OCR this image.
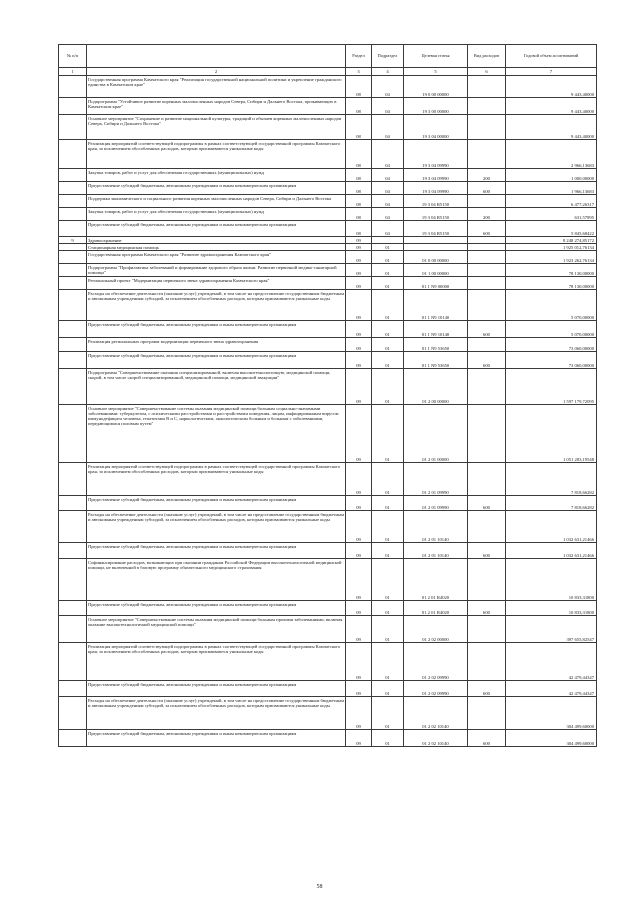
№ п/п		Раздел	Подраздел	Целевая статья	Вид расходов	Годовой объем ассигнований
1	2	3	4	5	6	7
	Государственная программа Камчатского края "Реализация государственной национальной политики и укрепление гражданского единства в Камчатском крае"	08	04	19 0 00 00000		9 443,40000
	Подпрограмма "Устойчивое развитие коренных малочисленных народов Севера, Сибири и Дальнего Востока, проживающих в Камчатском крае"	08	04	19 3 00 00000		9 443,40000
	Основное мероприятие "Сохранение и развитие национальной культуры, традиций и обычаев коренных малочисленных народов Севера, Сибири и Дальнего Востока"	08	04	19 3 04 00000		9 443,40000
	Реализация мероприятий соответствующей подпрограммы в рамках соответствующей государственной программы Камчатского края, за исключением обособленных расходов, которым присваиваются уникальные коды	08	04	19 3 04 09990		2 966,13683
	Закупка товаров, работ и услуг для обеспечения государственных (муниципальных) нужд	08	04	19 3 04 09990	200	1 000,00000
	Предоставление субсидий бюджетным, автономным учреждениям и иным некоммерческим организациям	08	04	19 3 04 09990	600	1 966,13683
	Поддержка экономического и социального развития коренных малочисленных народов Севера, Сибири и Дальнего Востока	08	04	19 3 04 R5150		6 477,26317
	Закупка товаров, работ и услуг для обеспечения государственных (муниципальных) нужд	08	04	19 3 04 R5150	200	631,57895
	Предоставление субсидий бюджетным, автономным учреждениям и иным некоммерческим организациям	08	04	19 3 04 R5150	600	5 845,68422
9	Здравоохранение	09				8 248 274,85172
	Стационарная медицинская помощь	09	01			1 925 012,76134
	Государственная программа Камчатского края "Развитие здравоохранения Камчатского края"	09	01	01 0 00 00000		1 923 262,76134
	Подпрограмма "Профилактика заболеваний и формирование здорового образа жизни. Развитие первичной медико-санитарной помощи"	09	01	01 1 00 00000		78 130,00000
	Региональный проект "Модернизация первичного звена здравоохранения Камчатского края"	09	01	01 1 N9 00000		78 130,00000
	Расходы на обеспечение деятельности (оказание услуг) учреждений, в том числе на предоставление государственным бюджетным и автономным учреждениям субсидий, за исключением обособленных расходов, которым присваиваются уникальные коды	09	01	01 1 N9 10140		5 070,00000
	Предоставление субсидий бюджетным, автономным учреждениям и иным некоммерческим организациям	09	01	01 1 N9 10140	600	5 070,00000
	Реализация региональных программ модернизации первичного звена здравоохранения	09	01	01 1 N9 53650		73 060,00000
	Предоставление субсидий бюджетным, автономным учреждениям и иным некоммерческим организациям	09	01	01 1 N9 53650	600	73 060,00000
	Подпрограмма "Совершенствование оказания специализированной, включая высокотехнологичную, медицинской помощи, скорой, в том числе скорой специализированной, медицинской помощи, медицинской эвакуации"	09	01	01 2 00 00000		1 597 179,72095
	Основное мероприятие "Совершенствование системы оказания медицинской помощи больным социально-значимыми заболеваниями: туберкулезом, с психическими расстройствами и расстройствами поведения, лицам, инфицированным вирусом иммунодефицита человека, гепатитами B и C, наркологическим, онкологическим больным и больным с заболеваниями, передающимися половым путем"	09	01	01 2 01 00000		1 051 283,19548
	Реализация мероприятий соответствующей подпрограммы в рамках соответствующей государственной программы Камчатского края, за исключением обособленных расходов, которым присваиваются уникальные коды	09	01	01 2 01 09990		7 818,66282
	Предоставление субсидий бюджетным, автономным учреждениям и иным некоммерческим организациям	09	01	01 2 01 09990	600	7 818,66282
	Расходы на обеспечение деятельности (оказание услуг) учреждений, в том числе на предоставление государственным бюджетным и автономным учреждениям субсидий, за исключением обособленных расходов, которым присваиваются уникальные коды	09	01	01 2 01 10140		1 032 631,21466
	Предоставление субсидий бюджетным, автономным учреждениям и иным некоммерческим организациям	09	01	01 2 01 10140	600	1 032 631,21466
	Софинансирование расходов, возникающих при оказании гражданам Российской Федерации высокотехнологичной медицинской помощи, не включенной в базовую программу обязательного медицинского страхования	09	01	01 2 01 R4020		10 833,31800
	Предоставление субсидий бюджетным, автономным учреждениям и иным некоммерческим организациям	09	01	01 2 01 R4020	600	10 833,31800
	Основное мероприятие "Совершенствование системы оказания медицинской помощи больным прочими заболеваниями, включая оказание высокотехнологичной медицинской помощи"	09	01	01 2 02 00000		397 655,82547
	Реализация мероприятий соответствующей подпрограммы в рамках соответствующей государственной программы Камчатского края, за исключением обособленных расходов, которым присваиваются уникальные коды	09	01	01 2 02 09990		42 479,44347
	Предоставление субсидий бюджетным, автономным учреждениям и иным некоммерческим организациям	09	01	01 2 02 09990	600	42 479,44347
	Расходы на обеспечение деятельности (оказание услуг) учреждений, в том числе на предоставление государственным бюджетным и автономным учреждениям субсидий, за исключением обособленных расходов, которым присваиваются уникальные коды	09	01	01 2 02 10140		304 499,60000
	Предоставление субсидий бюджетным, автономным учреждениям и иным некоммерческим организациям	09	01	01 2 02 10140	600	304 499,60000
58
